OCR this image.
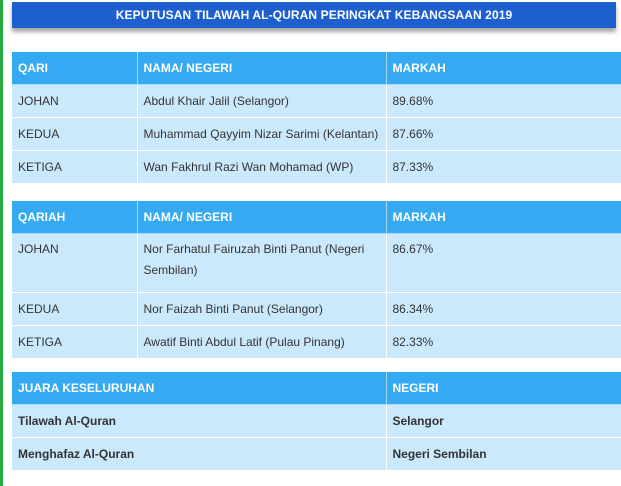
KEPUTUSAN TILAWAH AL-QURAN PERINGKAT KEBANGSAAN 2019
QARI	NAMA/ NEGERI	MARKAH
JOHAN	Abdul Khair Jalil (Selangor)	89.68%
KEDUA	Muhammad Qayyim Nizar Sarimi (Kelantan)	87.66%
KETIGA	Wan Fakhrul Razi Wan Mohamad (WP)	87.33%
QARIAH	NAMA/ NEGERI	MARKAH
JOHAN	Nor Farhatul Fairuzah Binti Panut (Negeri Sembilan)	86.67%
KEDUA	Nor Faizah Binti Panut (Selangor)	86.34%
KETIGA	Awatif Binti Abdul Latif (Pulau Pinang)	82.33%
JUARA KESELURUHAN	NEGERI
Tilawah Al-Quran	Selangor
Menghafaz Al-Quran	Negeri Sembilan
